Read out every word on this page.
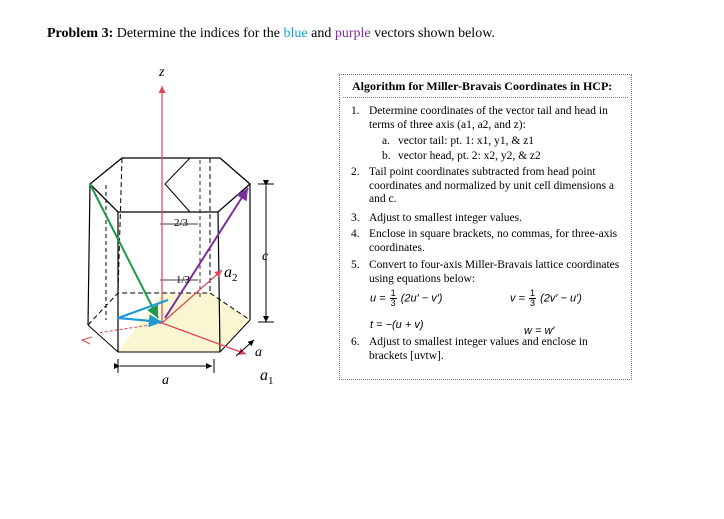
Problem 3: Determine the indices for the blue and purple vectors shown below.
z
$a_2$
$a_1$
c
a
a
2/3
1/3
Algorithm for Miller-Bravais Coordinates in HCP:
1. Determine coordinates of the vector tail and head in terms of three axis (a1, a2, and z):
a. vector tail: pt. 1: x1, y1, & z1
b. vector head, pt. 2: x2, y2, & z2
2. Tail point coordinates subtracted from head point coordinates and normalized by unit cell dimensions a and c.
3. Adjust to smallest integer values.
4. Enclose in square brackets, no commas, for three-axis coordinates.
5. Convert to four-axis Miller-Bravais lattice coordinates using equations below:
$u = \frac{1}{3} (2u' - v')$	$v = \frac{1}{3} (2v' - u')$
t = −(u + v)	w = w′
6. Adjust to smallest integer values and enclose in brackets [uvtw].
